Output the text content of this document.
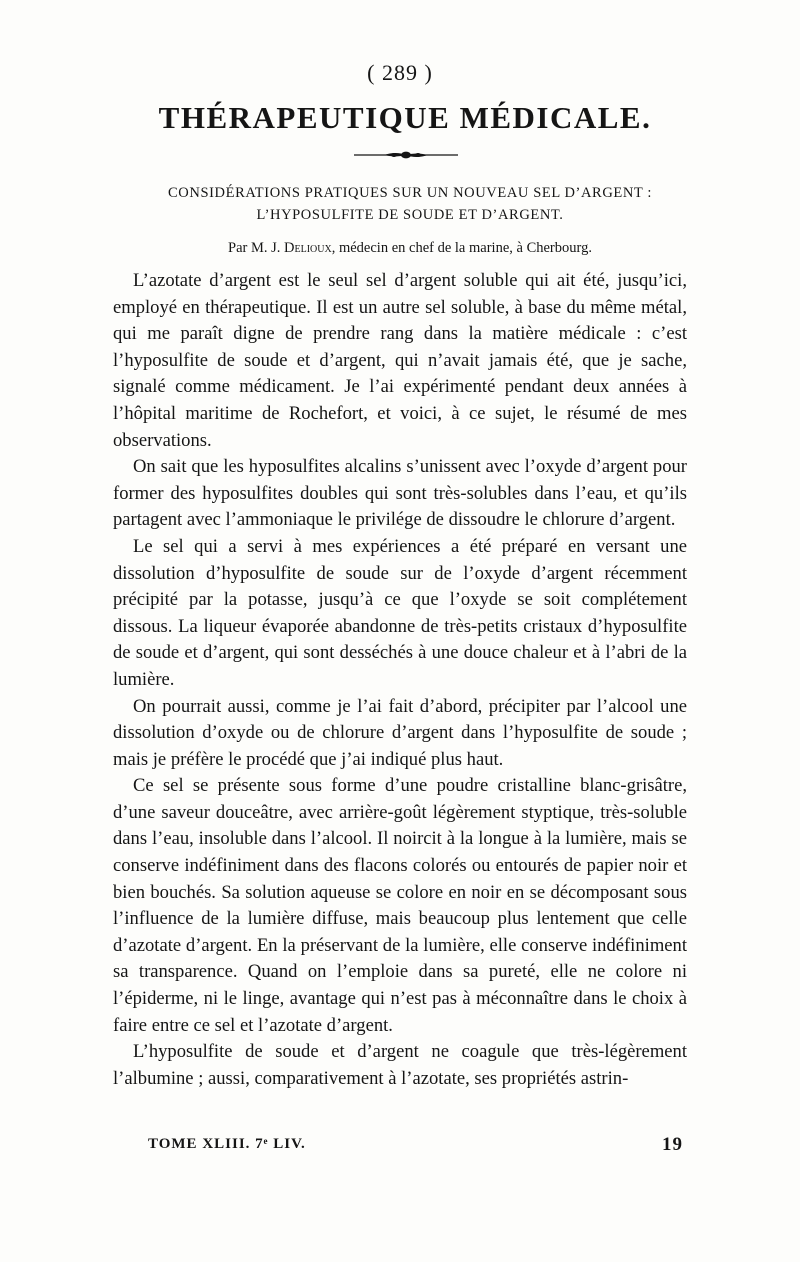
( 289 )
THÉRAPEUTIQUE MÉDICALE.
CONSIDÉRATIONS PRATIQUES SUR UN NOUVEAU SEL D’ARGENT :
L’HYPOSULFITE DE SOUDE ET D’ARGENT.
Par M. J. Delioux, médecin en chef de la marine, à Cherbourg.

L’azotate d’argent est le seul sel d’argent soluble qui ait été, jusqu’ici, employé en thérapeutique. Il est un autre sel soluble, à base du même métal, qui me paraît digne de prendre rang dans la matière médicale : c’est l’hyposulfite de soude et d’argent, qui n’avait jamais été, que je sache, signalé comme médicament. Je l’ai expérimenté pendant deux années à l’hôpital maritime de Rochefort, et voici, à ce sujet, le résumé de mes observations.

On sait que les hyposulfites alcalins s’unissent avec l’oxyde d’argent pour former des hyposulfites doubles qui sont très-solubles dans l’eau, et qu’ils partagent avec l’ammoniaque le privilége de dissoudre le chlorure d’argent.

Le sel qui a servi à mes expériences a été préparé en versant une dissolution d’hyposulfite de soude sur de l’oxyde d’argent récemment précipité par la potasse, jusqu’à ce que l’oxyde se soit complétement dissous. La liqueur évaporée abandonne de très-petits cristaux d’hyposulfite de soude et d’argent, qui sont desséchés à une douce chaleur et à l’abri de la lumière.

On pourrait aussi, comme je l’ai fait d’abord, précipiter par l’alcool une dissolution d’oxyde ou de chlorure d’argent dans l’hyposulfite de soude ; mais je préfère le procédé que j’ai indiqué plus haut.

Ce sel se présente sous forme d’une poudre cristalline blanc-grisâtre, d’une saveur douceâtre, avec arrière-goût légèrement styptique, très-soluble dans l’eau, insoluble dans l’alcool. Il noircit à la longue à la lumière, mais se conserve indéfiniment dans des flacons colorés ou entourés de papier noir et bien bouchés. Sa solution aqueuse se colore en noir en se décomposant sous l’influence de la lumière diffuse, mais beaucoup plus lentement que celle d’azotate d’argent. En la préservant de la lumière, elle conserve indéfiniment sa transparence. Quand on l’emploie dans sa pureté, elle ne colore ni l’épiderme, ni le linge, avantage qui n’est pas à méconnaître dans le choix à faire entre ce sel et l’azotate d’argent.

L’hyposulfite de soude et d’argent ne coagule que très-légèrement l’albumine ; aussi, comparativement à l’azotate, ses propriétés astrin-

TOME XLIII. 7ᵉ LIV.	19
